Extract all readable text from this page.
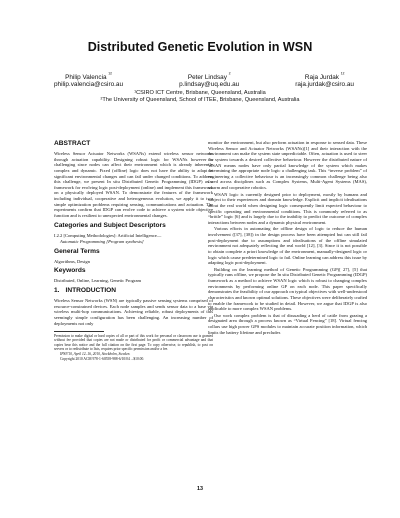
Distributed Genetic Evolution in WSN
Philip Valencia $^{^{12}}$
philip.valencia@csiro.au
Peter Lindsay $^{^2}$
p.lindsay@uq.edu.au
Raja Jurdak $^{^{12}}$
raja.jurdak@csiro.au
¹CSIRO ICT Centre, Brisbane, Queensland, Australia
²The University of Queensland, School of ITEE, Brisbane, Queensland, Australia
ABSTRACT

Wireless Sensor Actuator Networks (WSANs) extend wireless sensor networks through actuation capability. Designing robust logic for WSANs however is challenging since nodes can affect their environment which is already inherently complex and dynamic. Fixed (offline) logic does not have the ability to adapt to significant environmental changes and can fail under changed conditions. To address this challenge, we present In situ Distributed Genetic Programming (IDGP) as a framework for evolving logic post-deployment (online) and implement this framework on a physically deployed WSAN. To demonstrate the features of the framework including individual, cooperative and heterogeneous evolution, we apply it to two simple optimization problems requiring sensing, communications and actuation. The experiments confirm that IDGP can evolve code to achieve a system wide objective function and is resilient to unexpected environmental changes.

Categories and Subject Descriptors

I.2.2 [Computing Methodologies]: Artificial Intelligence—

Automatic Programming [Program synthesis]

General Terms

Algorithms, Design

Keywords

Distributed, Online, Learning, Genetic Program

1. INTRODUCTION

Wireless Sensor Networks (WSN) are typically passive sensing systems comprised of resource-constrained devices. Each node samples and sends sensor data to a base via wireless multi-hop communications. Achieving reliable, robust deployments of this seemingly simple configuration has been challenging. An increasing number of deployments not only

Permission to make digital or hard copies of all or part of this work for personal or classroom use is granted without fee provided that copies are not made or distributed for profit or commercial advantage and that copies bear this notice and the full citation on the first page. To copy otherwise, to republish, to post on servers or to redistribute to lists, requires prior specific permission and/or a fee.

IPSN'10, April 12–16, 2010, Stockholm, Sweden.

Copyright 2010 ACM 978-1-60558-988-6/10/04 ...$10.00.

monitor the environment, but also perform actuation in response to sensed data. These Wireless Sensor and Actuator Networks (WSANs)[1] and their interaction with the environment can make the system state unpredictable. Often, actuation is used to steer the system towards a desired collective behaviour. However the distributed nature of WSAN means nodes have only partial knowledge of the system which makes determining the appropriate node logic a challenging task. This “inverse problem” of engineering a collective behaviour is an increasingly common challenge being also faced across disciplines such as Complex Systems, Multi-Agent Systems (MAS), swarm and cooperative robotics.

WSAN logic is currently designed prior to deployment, mostly by humans and subject to their experiences and domain knowledge. Explicit and implicit idealisations about the real world when designing logic consequently limit expected behaviour to specific operating and environmental conditions. This is commonly referred to as “brittle” logic [6] and is largely due to the inability to predict the outcome of complex interactions between nodes and a dynamic physical environment.

Various efforts in automating the offline design of logic to reduce the human involvement ([37], [38]) in the design process have been attempted but can still fail post-deployment due to assumptions and idealisations of the offline simulated environment not adequately reflecting the real world [12], [3]. Since it is not possible to obtain complete a priori knowledge of the environment, manually-designed logic or logic which cause predetermined logic to fail. Online learning can address this issue by adapting logic post-deployment.

Building on the learning method of Genetic Programming (GP)[ 27], [5] that typically runs offline, we propose the In situ Distributed Genetic Programming (IDGP) framework as a method to achieve WSAN logic which is robust to changing complex environments by performing online GP on each node. This paper specifically demonstrates the feasibility of our approach on typical objectives with well-understood characteristics and known optimal solutions. These objectives were deliberately crafted to enable the framework to be studied in detail. However, we argue that IDGP is also applicable to more complex WSAN problems.

Our work complex problem is that of dissuading a herd of cattle from grazing a designated area through a process known as “Virtual Fencing” [18]. Virtual fencing collars use high power GPS modules to maintain accurate position information, which limits the battery lifetime and precludes

13
